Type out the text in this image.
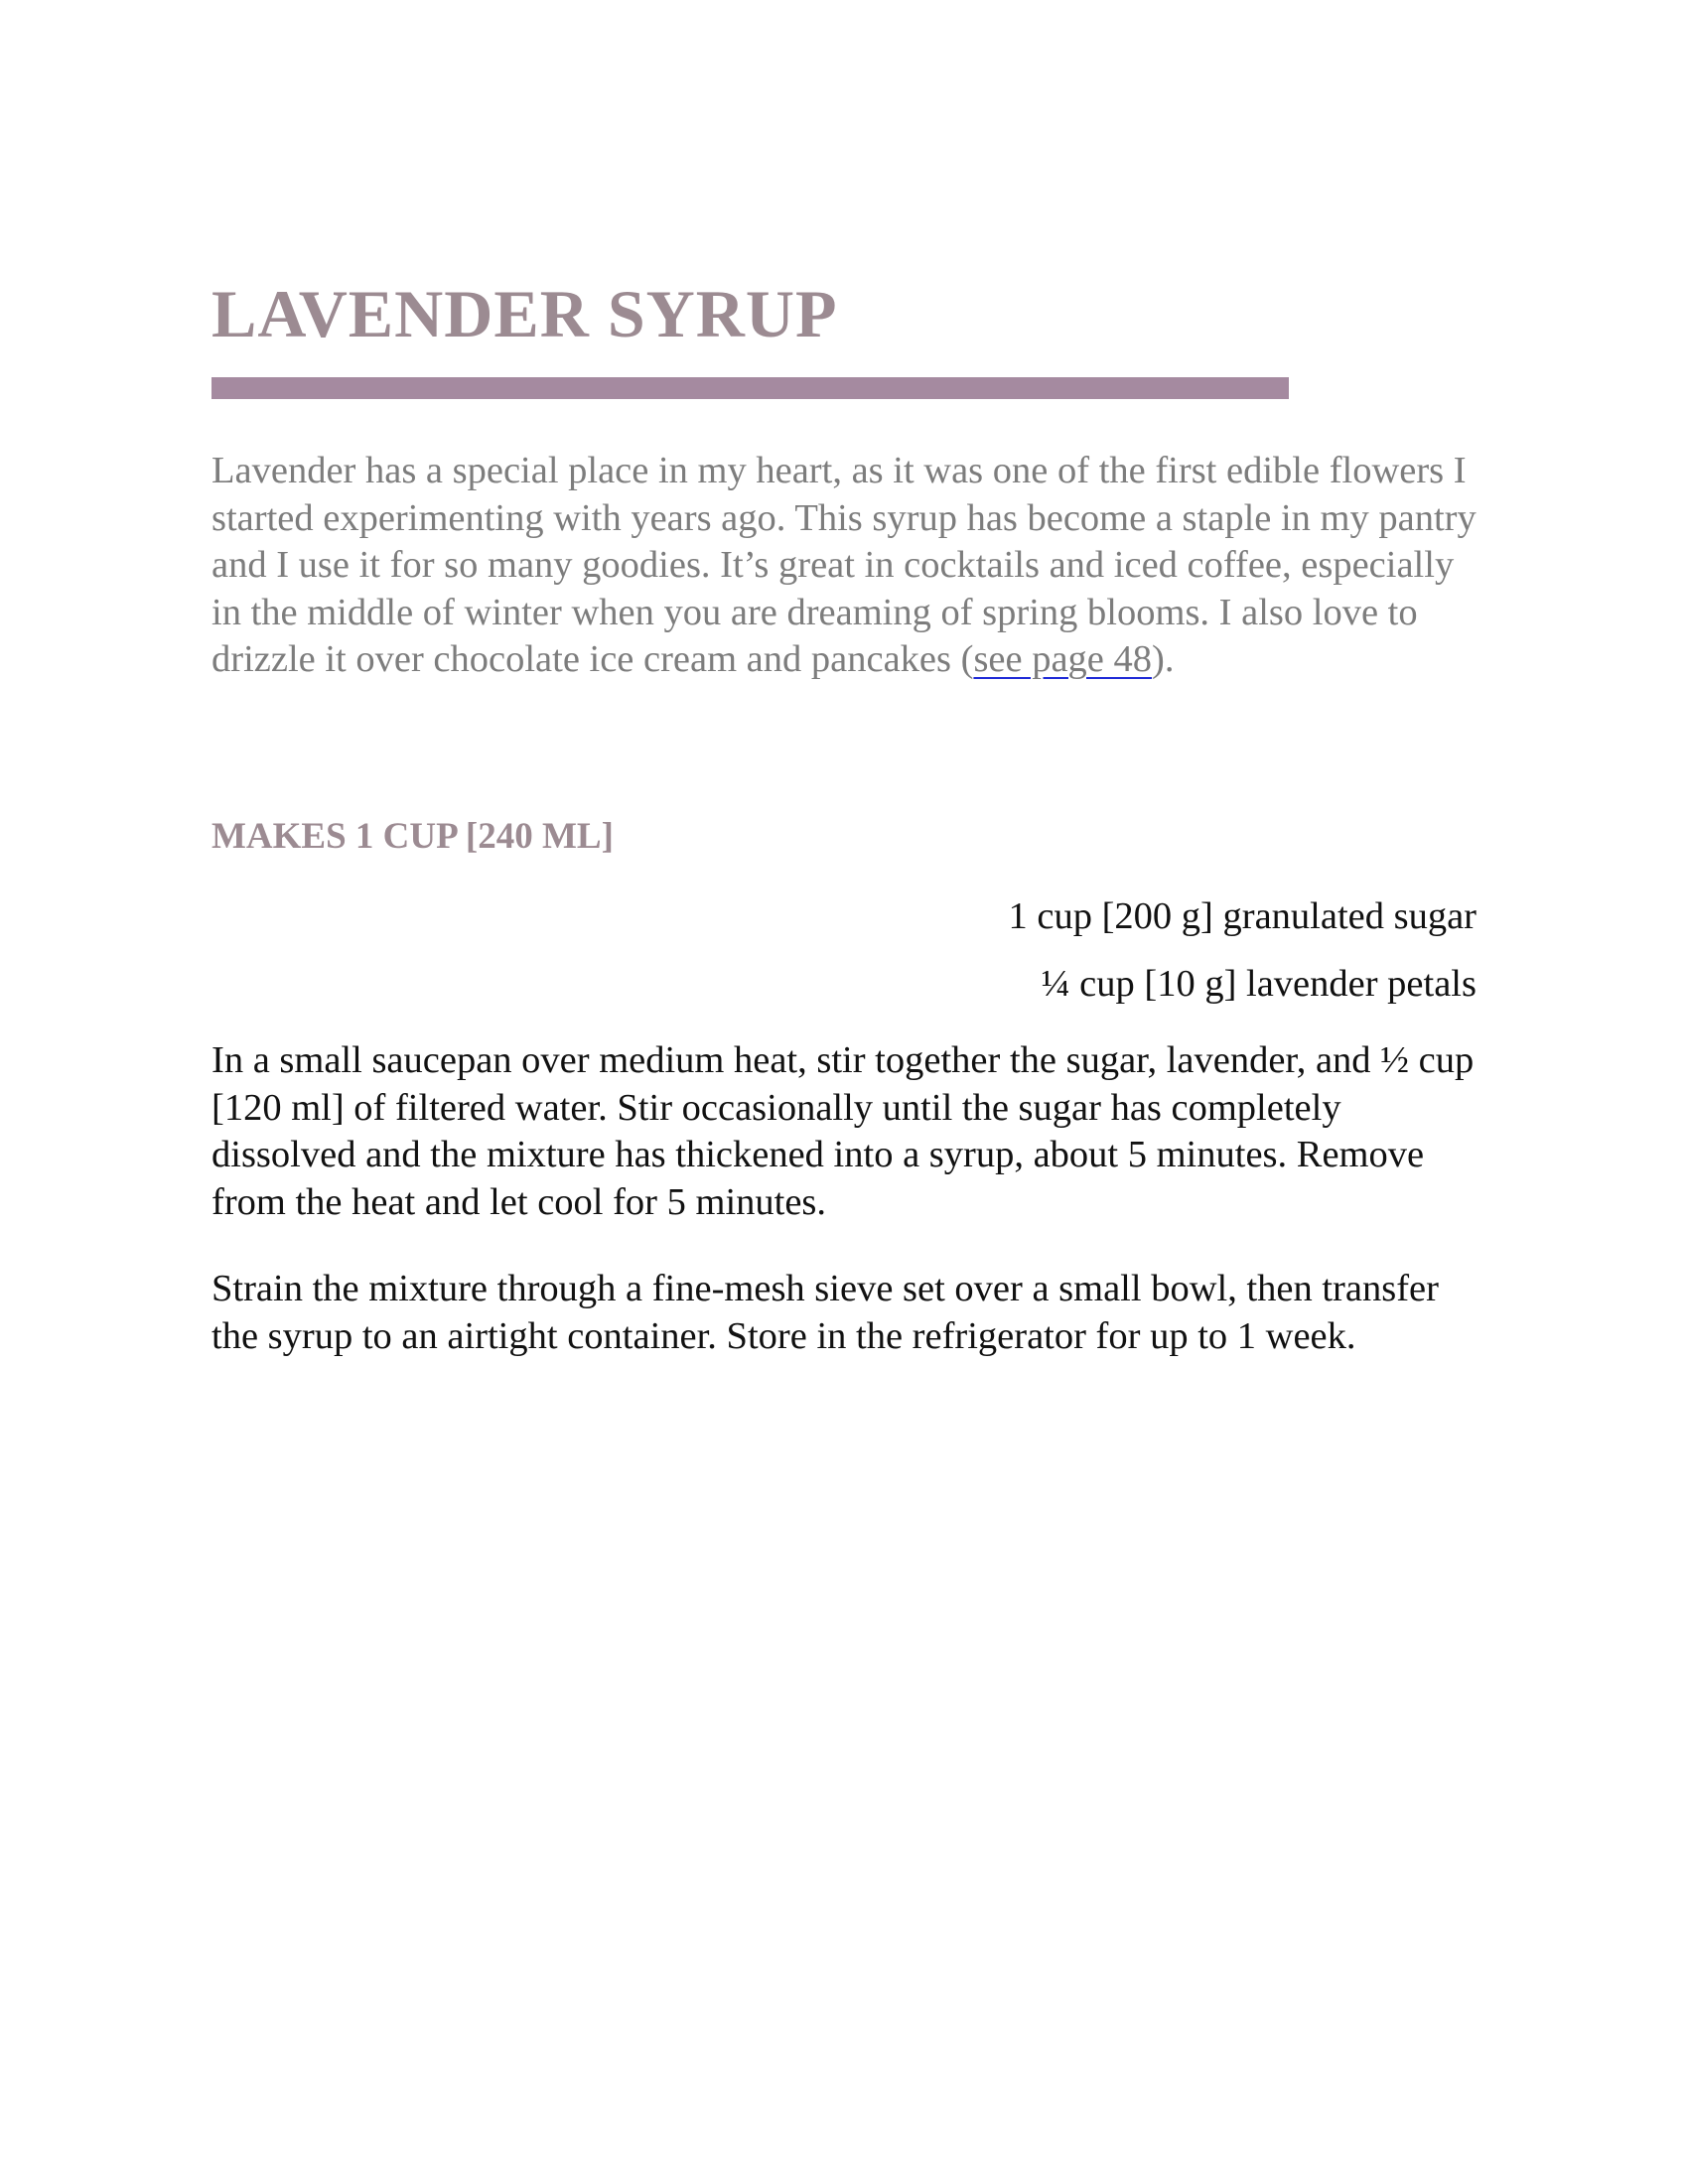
LAVENDER SYRUP

Lavender has a special place in my heart, as it was one of the first edible flowers I started experimenting with years ago. This syrup has become a staple in my pantry and I use it for so many goodies. It’s great in cocktails and iced coffee, especially in the middle of winter when you are dreaming of spring blooms. I also love to drizzle it over chocolate ice cream and pancakes (see page 48).

MAKES 1 CUP [240 ML]
1 cup [200 g] granulated sugar
¼ cup [10 g] lavender petals

In a small saucepan over medium heat, stir together the sugar, lavender, and ½ cup [120 ml] of filtered water. Stir occasionally until the sugar has completely dissolved and the mixture has thickened into a syrup, about 5 minutes. Remove from the heat and let cool for 5 minutes.

Strain the mixture through a fine-mesh sieve set over a small bowl, then transfer the syrup to an airtight container. Store in the refrigerator for up to 1 week.
